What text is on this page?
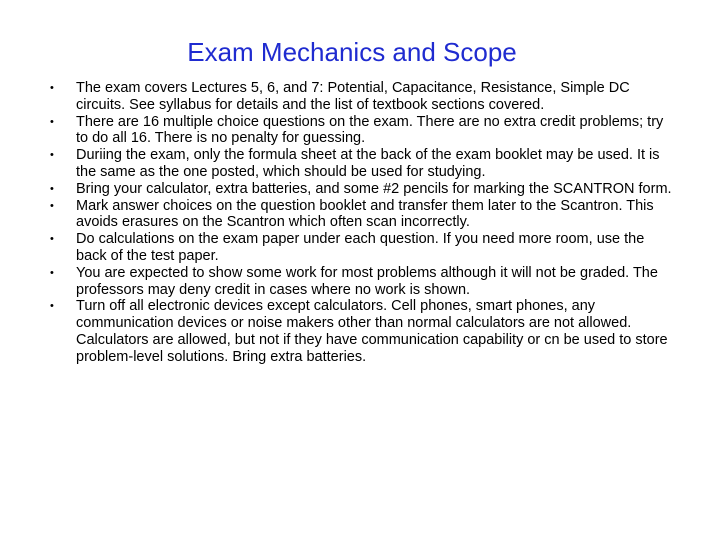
Exam Mechanics and Scope
• The exam covers Lectures 5, 6, and 7: Potential, Capacitance, Resistance, Simple DC circuits. See syllabus for details and the list of textbook sections covered.
• There are 16 multiple choice questions on the exam. There are no extra credit problems; try to do all 16. There is no penalty for guessing.
• Duriing the exam, only the formula sheet at the back of the exam booklet may be used. It is the same as the one posted, which should be used for studying.
• Bring your calculator, extra batteries, and some #2 pencils for marking the SCANTRON form.
• Mark answer choices on the question booklet and transfer them later to the Scantron. This avoids erasures on the Scantron which often scan incorrectly.
• Do calculations on the exam paper under each question. If you need more room, use the back of the test paper.
• You are expected to show some work for most problems although it will not be graded. The professors may deny credit in cases where no work is shown.
• Turn off all electronic devices except calculators. Cell phones, smart phones, any communication devices or noise makers other than normal calculators are not allowed. Calculators are allowed, but not if they have communication capability or cn be used to store problem-level solutions. Bring extra batteries.
